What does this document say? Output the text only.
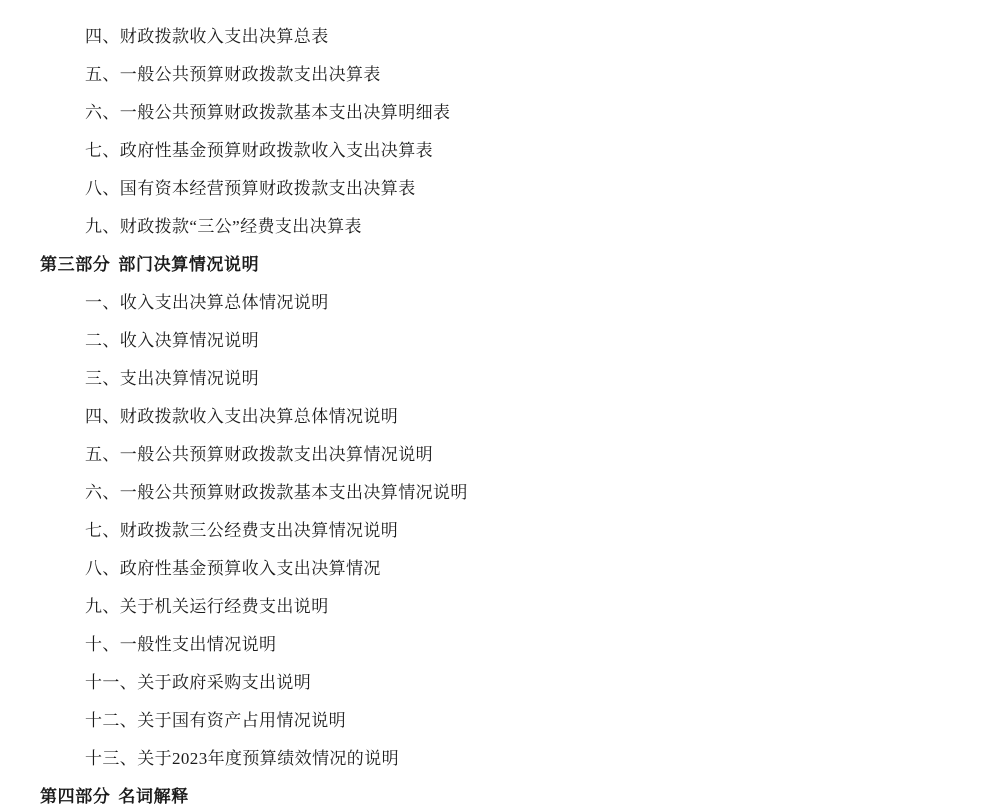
四、财政拨款收入支出决算总表
五、一般公共预算财政拨款支出决算表
六、一般公共预算财政拨款基本支出决算明细表
七、政府性基金预算财政拨款收入支出决算表
八、国有资本经营预算财政拨款支出决算表
九、财政拨款“三公”经费支出决算表
第三部分 部门决算情况说明
一、收入支出决算总体情况说明
二、收入决算情况说明
三、支出决算情况说明
四、财政拨款收入支出决算总体情况说明
五、一般公共预算财政拨款支出决算情况说明
六、一般公共预算财政拨款基本支出决算情况说明
七、财政拨款三公经费支出决算情况说明
八、政府性基金预算收入支出决算情况
九、关于机关运行经费支出说明
十、一般性支出情况说明
十一、关于政府采购支出说明
十二、关于国有资产占用情况说明
十三、关于2023年度预算绩效情况的说明
第四部分 名词解释
